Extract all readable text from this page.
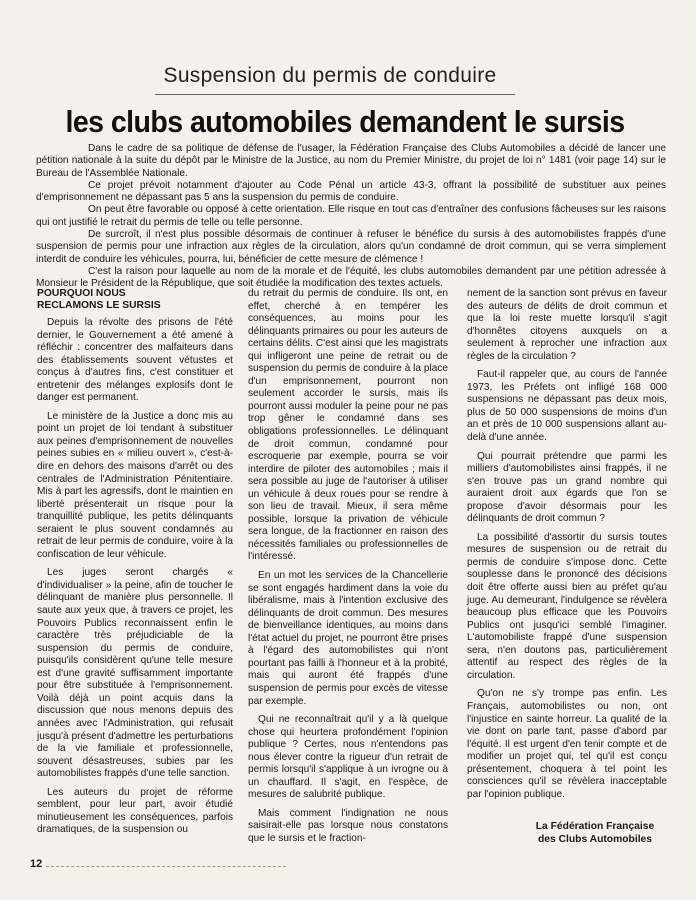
Suspension du permis de conduire
les clubs automobiles demandent le sursis

Dans le cadre de sa politique de défense de l'usager, la Fédération Française des Clubs Automobiles a décidé de lancer une pétition nationale à la suite du dépôt par le Ministre de la Justice, au nom du Premier Ministre, du projet de loi n° 1481 (voir page 14) sur le Bureau de l'Assemblée Nationale.

Ce projet prévoit notamment d'ajouter au Code Pénal un article 43-3, offrant la possibilité de substituer aux peines d'emprisonnement ne dépassant pas 5 ans la suspension du permis de conduire.

On peut être favorable ou opposé à cette orientation. Elle risque en tout cas d'entraîner des confusions fâcheuses sur les raisons qui ont justifié le retrait du permis de telle ou telle personne.

De surcroît, il n'est plus possible désormais de continuer à refuser le bénéfice du sursis à des automobilistes frappés d'une suspension de permis pour une infraction aux règles de la circulation, alors qu'un condamné de droit commun, qui se verra simplement interdit de conduire les véhicules, pourra, lui, bénéficier de cette mesure de clémence !

C'est la raison pour laquelle au nom de la morale et de l'équité, les clubs automobiles demandent par une pétition adressée à Monsieur le Président de la République, que soit étudiée la modification des textes actuels.

POURQUOI NOUS
RECLAMONS LE SURSIS

Depuis la révolte des prisons de l'été dernier, le Gouvernement a été amené à réfléchir : concentrer des malfaiteurs dans des établissements souvent vétustes et conçus à d'autres fins, c'est constituer et entretenir des mélanges explosifs dont le danger est permanent.

Le ministère de la Justice a donc mis au point un projet de loi tendant à substituer aux peines d'emprisonnement de nouvelles peines subies en « milieu ouvert », c'est-à-dire en dehors des maisons d'arrêt ou des centrales de l'Administration Pénitentiaire. Mis à part les agressifs, dont le maintien en liberté présenterait un risque pour la tranquillité publique, les petits délinquants seraient le plus souvent condamnés au retrait de leur permis de conduire, voire à la confiscation de leur véhicule.

Les juges seront chargés « d'individualiser » la peine, afin de toucher le délinquant de manière plus personnelle. Il saute aux yeux que, à travers ce projet, les Pouvoirs Publics reconnaissent enfin le caractère très préjudiciable de la suspension du permis de conduire, puisqu'ils considèrent qu'une telle mesure est d'une gravité suffisamment importante pour être substituée à l'emprisonnement. Voilà déjà un point acquis dans la discussion que nous menons depuis des années avec l'Administration, qui refusait jusqu'à présent d'admettre les perturbations de la vie familiale et professionnelle, souvent désastreuses, subies par les automobilistes frappés d'une telle sanction.

Les auteurs du projet de réforme semblent, pour leur part, avoir étudié minutieusement les conséquences, parfois dramatiques, de la suspension ou

du retrait du permis de conduire. Ils ont, en effet, cherché à en tempérer les conséquences, au moins pour les délinquants primaires ou pour les auteurs de certains délits. C'est ainsi que les magistrats qui infligeront une peine de retrait ou de suspension du permis de conduire à la place d'un emprisonnement, pourront non seulement accorder le sursis, mais ils pourront aussi moduler la peine pour ne pas trop gêner le condamné dans ses obligations professionnelles. Le délinquant de droit commun, condamné pour escroquerie par exemple, pourra se voir interdire de piloter des automobiles ; mais il sera possible au juge de l'autoriser à utiliser un véhicule à deux roues pour se rendre à son lieu de travail. Mieux, il sera même possible, lorsque la privation de véhicule sera longue, de la fractionner en raison des nécessités familiales ou professionnelles de l'intéressé.

En un mot les services de la Chancellerie se sont engagés hardiment dans la voie du libéralisme, mais à l'intention exclusive des délinquants de droit commun. Des mesures de bienveillance identiques, au moins dans l'état actuel du projet, ne pourront être prises à l'égard des automobilistes qui n'ont pourtant pas failli à l'honneur et à la probité, mais qui auront été frappés d'une suspension de permis pour excès de vitesse par exemple.

Qui ne reconnaîtrait qu'il y a là quelque chose qui heurtera profondément l'opinion publique ? Certes, nous n'entendons pas nous élever contre la rigueur d'un retrait de permis lorsqu'il s'applique à un ivrogne ou à un chauffard. Il s'agit, en l'espèce, de mesures de salubrité publique.

Mais comment l'indignation ne nous saisirait-elle pas lorsque nous constatons que le sursis et le fraction-

nement de la sanction sont prévus en faveur des auteurs de délits de droit commun et que la loi reste muette lorsqu'il s'agit d'honnêtes citoyens auxquels on a seulement à reprocher une infraction aux règles de la circulation ?

Faut-il rappeler que, au cours de l'année 1973, les Préfets ont infligé 168 000 suspensions ne dépassant pas deux mois, plus de 50 000 suspensions de moins d'un an et près de 10 000 suspensions allant au-delà d'une année.

Qui pourrait prétendre que parmi les milliers d'automobilistes ainsi frappés, il ne s'en trouve pas un grand nombre qui auraient droit aux égards que l'on se propose d'avoir désormais pour les délinquants de droit commun ?

La possibilité d'assortir du sursis toutes mesures de suspension ou de retrait du permis de conduire s'impose donc. Cette souplesse dans le prononcé des décisions doit être offerte aussi bien au préfet qu'au juge. Au demeurant, l'indulgence se révèlera beaucoup plus efficace que les Pouvoirs Publics ont jusqu'ici semblé l'imaginer. L'automobiliste frappé d'une suspension sera, n'en doutons pas, particulièrement attentif au respect des règles de la circulation.

Qu'on ne s'y trompe pas enfin. Les Français, automobilistes ou non, ont l'injustice en sainte horreur. La qualité de la vie dont on parle tant, passe d'abord par l'équité. Il est urgent d'en tenir compte et de modifier un projet qui, tel qu'il est conçu présentement, choquera à tel point les consciences qu'il se révèlera inacceptable par l'opinion publique.

La Fédération Française
des Clubs Automobiles
12
